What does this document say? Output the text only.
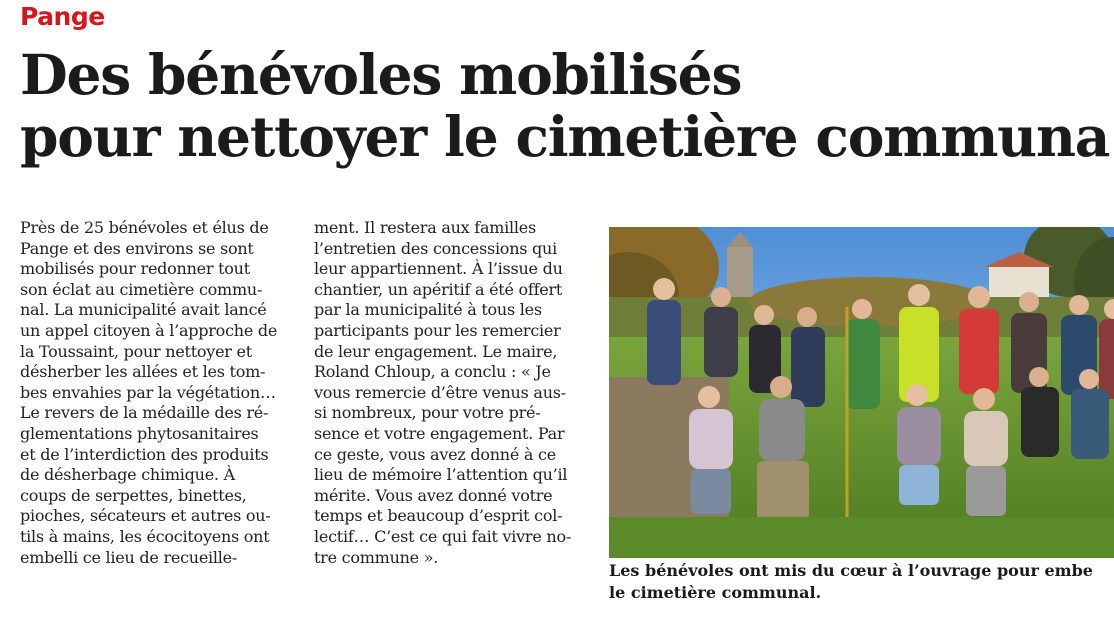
Pange
Des bénévoles mobilisés
pour nettoyer le cimetière communa
Près de 25 bénévoles et élus de
Pange et des environs se sont
mobilisés pour redonner tout
son éclat au cimetière commu-
nal. La municipalité avait lancé
un appel citoyen à l’approche de
la Toussaint, pour nettoyer et
désherber les allées et les tom-
bes envahies par la végétation…
Le revers de la médaille des ré-
glementations phytosanitaires
et de l’interdiction des produits
de désherbage chimique. À
coups de serpettes, binettes,
pioches, sécateurs et autres ou-
tils à mains, les écocitoyens ont
embelli ce lieu de recueille-
ment. Il restera aux familles
l’entretien des concessions qui
leur appartiennent. À l’issue du
chantier, un apéritif a été offert
par la municipalité à tous les
participants pour les remercier
de leur engagement. Le maire,
Roland Chloup, a conclu : « Je
vous remercie d’être venus aus-
si nombreux, pour votre pré-
sence et votre engagement. Par
ce geste, vous avez donné à ce
lieu de mémoire l’attention qu’il
mérite. Vous avez donné votre
temps et beaucoup d’esprit col-
lectif… C’est ce qui fait vivre no-
tre commune ».
Les bénévoles ont mis du cœur à l’ouvrage pour embe
le cimetière communal.
